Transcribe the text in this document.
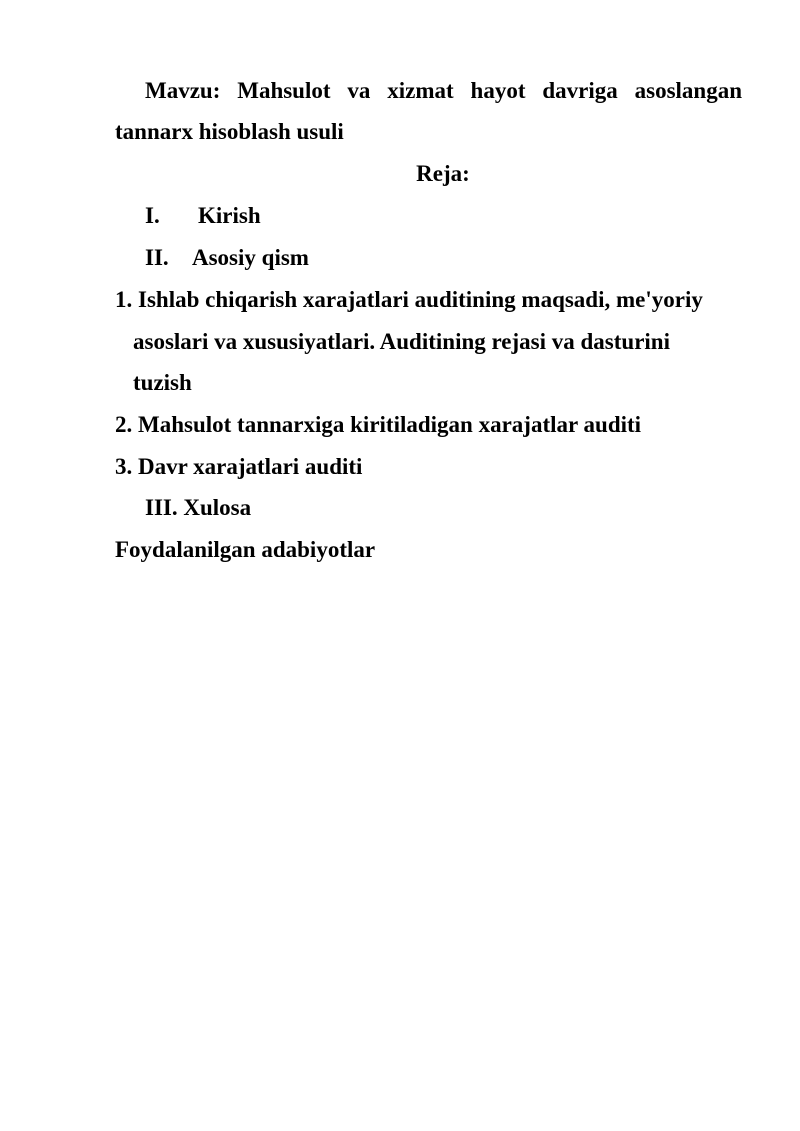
Mavzu: Mahsulot va xizmat hayot davriga asoslangan
tannarx hisoblash usuli
Reja:
I. Kirish
II. Asosiy qism
1. Ishlab chiqarish xarajatlari auditining maqsadi, me'yoriy
asoslari va xususiyatlari. Auditining rejasi va dasturini
tuzish
2. Mahsulot tannarxiga kiritiladigan xarajatlar auditi
3. Davr xarajatlari auditi
III. Xulosa
Foydalanilgan adabiyotlar
